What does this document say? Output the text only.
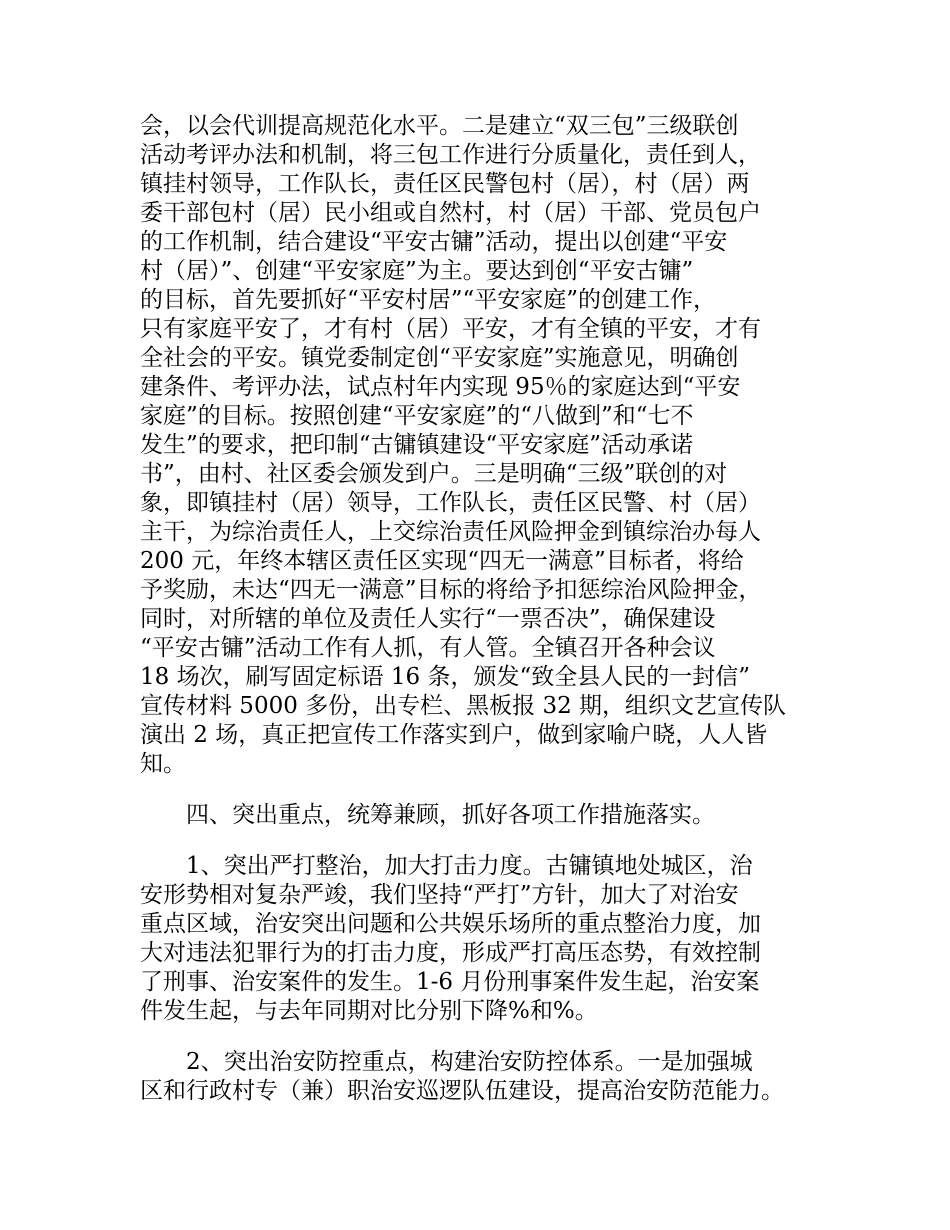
会，以会代训提高规范化水平。二是建立“双三包”三级联创
活动考评办法和机制，将三包工作进行分质量化，责任到人，
镇挂村领导，工作队长，责任区民警包村（居），村（居）两
委干部包村（居）民小组或自然村，村（居）干部、党员包户
的工作机制，结合建设“平安古镛”活动，提出以创建“平安
村（居）”、创建“平安家庭”为主。要达到创“平安古镛”
的目标，首先要抓好“平安村居”“平安家庭”的创建工作，
只有家庭平安了，才有村（居）平安，才有全镇的平安，才有
全社会的平安。镇党委制定创“平安家庭”实施意见，明确创
建条件、考评办法，试点村年内实现 95％的家庭达到“平安
家庭”的目标。按照创建“平安家庭”的“八做到”和“七不
发生”的要求，把印制“古镛镇建设“平安家庭”活动承诺
书”，由村、社区委会颁发到户。三是明确“三级”联创的对
象，即镇挂村（居）领导，工作队长，责任区民警、村（居）
主干，为综治责任人，上交综治责任风险押金到镇综治办每人
200 元，年终本辖区责任区实现“四无一满意”目标者，将给
予奖励，未达“四无一满意”目标的将给予扣惩综治风险押金，
同时，对所辖的单位及责任人实行“一票否决”，确保建设
“平安古镛”活动工作有人抓，有人管。全镇召开各种会议
18 场次，刷写固定标语 16 条，颁发“致全县人民的一封信”
宣传材料 5000 多份，出专栏、黑板报 32 期，组织文艺宣传队
演出 2 场，真正把宣传工作落实到户，做到家喻户晓，人人皆
知。
四、突出重点，统筹兼顾，抓好各项工作措施落实。
1、突出严打整治，加大打击力度。古镛镇地处城区，治
安形势相对复杂严竣，我们坚持“严打”方针，加大了对治安
重点区域，治安突出问题和公共娱乐场所的重点整治力度，加
大对违法犯罪行为的打击力度，形成严打高压态势，有效控制
了刑事、治安案件的发生。1-6 月份刑事案件发生起，治安案
件发生起，与去年同期对比分别下降%和%。
2、突出治安防控重点，构建治安防控体系。一是加强城
区和行政村专（兼）职治安巡逻队伍建设，提高治安防范能力。
